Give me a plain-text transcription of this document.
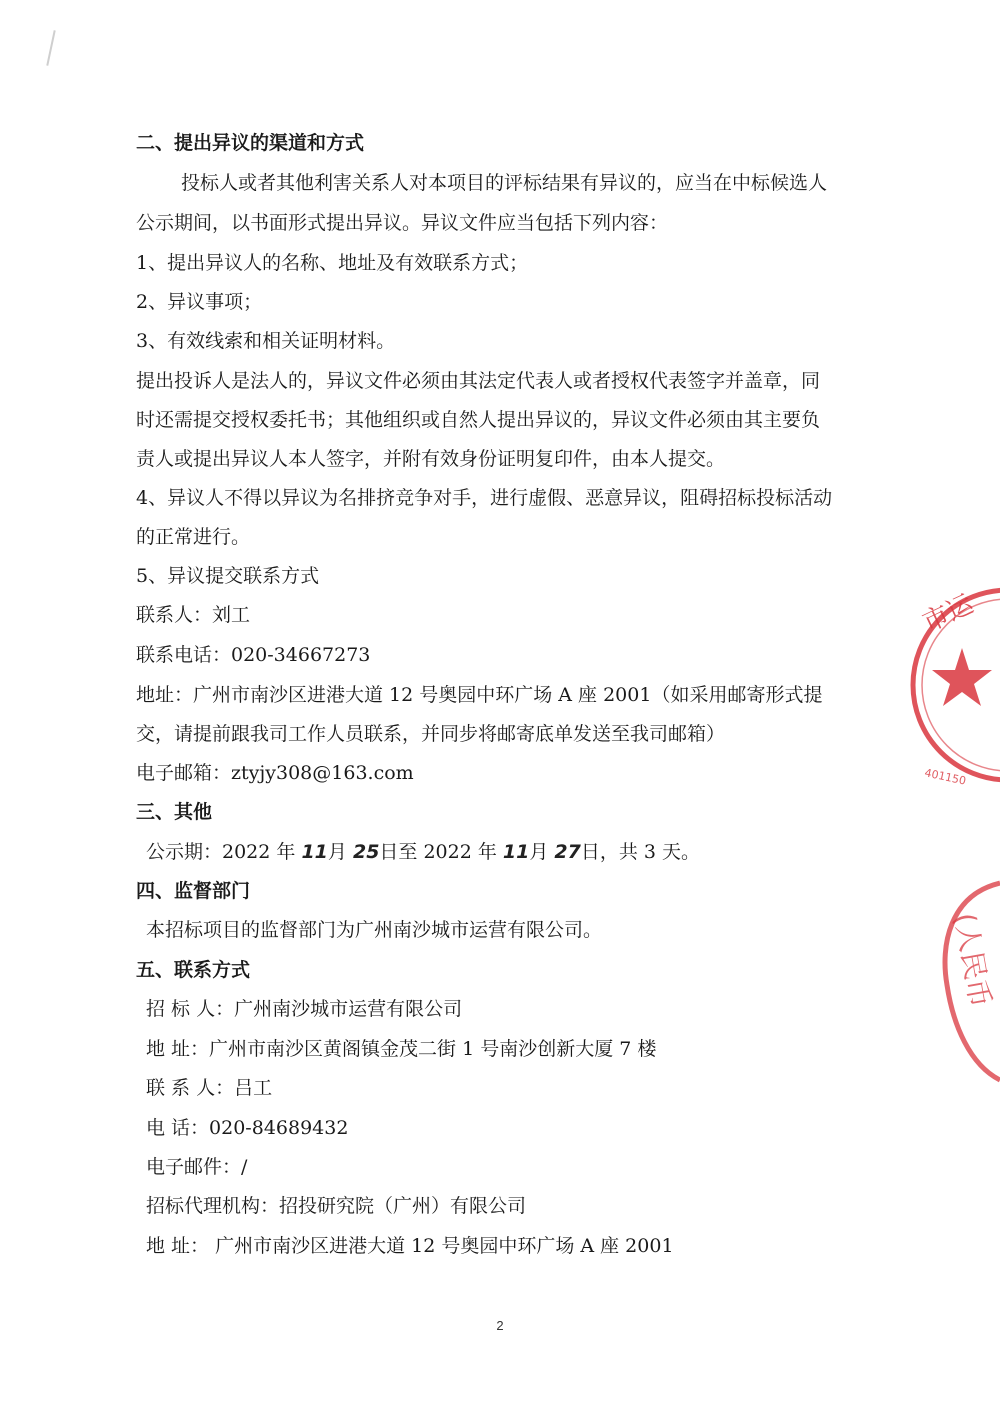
二、提出异议的渠道和方式
投标人或者其他利害关系人对本项目的评标结果有异议的，应当在中标候选人
公示期间，以书面形式提出异议。异议文件应当包括下列内容：
1、提出异议人的名称、地址及有效联系方式；
2、异议事项；
3、有效线索和相关证明材料。
提出投诉人是法人的，异议文件必须由其法定代表人或者授权代表签字并盖章，同
时还需提交授权委托书；其他组织或自然人提出异议的，异议文件必须由其主要负
责人或提出异议人本人签字，并附有效身份证明复印件，由本人提交。
4、异议人不得以异议为名排挤竞争对手，进行虚假、恶意异议，阻碍招标投标活动
的正常进行。
5、异议提交联系方式
联系人：刘工
联系电话：020-34667273
地址：广州市南沙区进港大道 12 号奥园中环广场 A 座 2001（如采用邮寄形式提
交，请提前跟我司工作人员联系，并同步将邮寄底单发送至我司邮箱）
电子邮箱：ztyjy308@163.com
三、其他
公示期：2022 年 11月 25日至 2022 年 11月 27日，共 3 天。
四、监督部门
本招标项目的监督部门为广州南沙城市运营有限公司。
五、联系方式
招 标 人：广州南沙城市运营有限公司
地 址：广州市南沙区黄阁镇金茂二街 1 号南沙创新大厦 7 楼
联 系 人：吕工
电 话：020-84689432
电子邮件：/
招标代理机构：招投研究院（广州）有限公司
地 址： 广州市南沙区进港大道 12 号奥园中环广场 A 座 2001
2
市运
401150
(人民币
